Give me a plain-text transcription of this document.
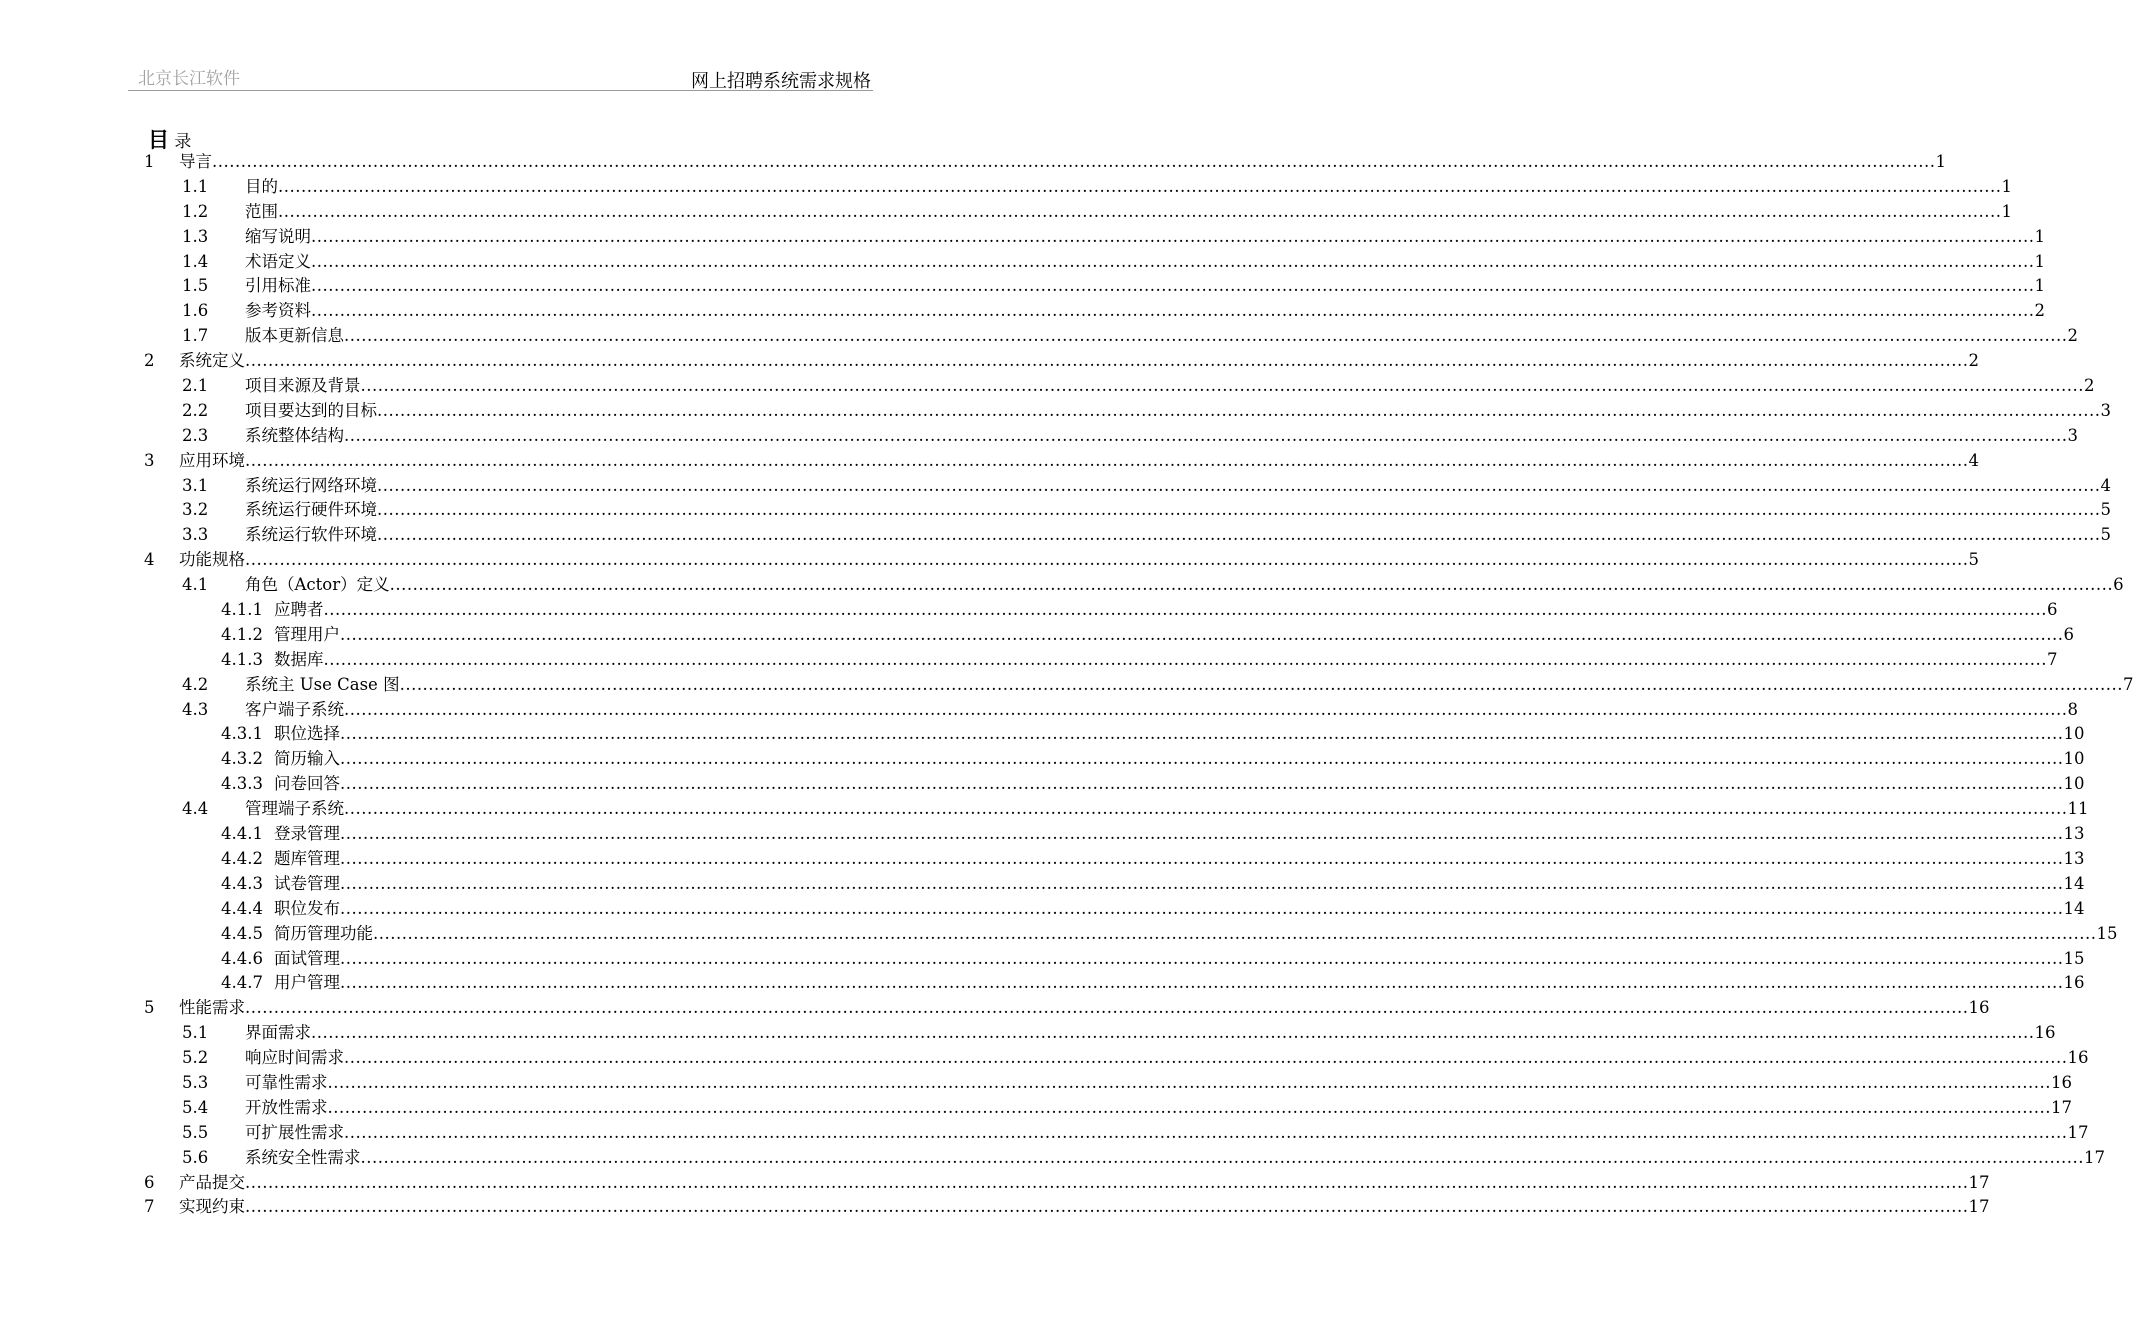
北京长江软件	网上招聘系统需求规格
目 录
1 导言 ............................................................................................................................................................................................................................................................................................................ 1
1.1 目的 ............................................................................................................................................................................................................................................................................................................ 1
1.2 范围 ............................................................................................................................................................................................................................................................................................................ 1
1.3 缩写说明 ............................................................................................................................................................................................................................................................................................................ 1
1.4 术语定义 ............................................................................................................................................................................................................................................................................................................ 1
1.5 引用标准 ............................................................................................................................................................................................................................................................................................................ 1
1.6 参考资料 ............................................................................................................................................................................................................................................................................................................ 2
1.7 版本更新信息 ............................................................................................................................................................................................................................................................................................................ 2
2 系统定义 ............................................................................................................................................................................................................................................................................................................ 2
2.1 项目来源及背景 ............................................................................................................................................................................................................................................................................................................ 2
2.2 项目要达到的目标 ............................................................................................................................................................................................................................................................................................................ 3
2.3 系统整体结构 ............................................................................................................................................................................................................................................................................................................ 3
3 应用环境 ............................................................................................................................................................................................................................................................................................................ 4
3.1 系统运行网络环境 ............................................................................................................................................................................................................................................................................................................ 4
3.2 系统运行硬件环境 ............................................................................................................................................................................................................................................................................................................ 5
3.3 系统运行软件环境 ............................................................................................................................................................................................................................................................................................................ 5
4 功能规格 ............................................................................................................................................................................................................................................................................................................ 5
4.1 角色（Actor）定义 ............................................................................................................................................................................................................................................................................................................ 6
4.1.1 应聘者 ............................................................................................................................................................................................................................................................................................................ 6
4.1.2 管理用户 ............................................................................................................................................................................................................................................................................................................ 6
4.1.3 数据库 ............................................................................................................................................................................................................................................................................................................ 7
4.2 系统主 Use Case 图 ............................................................................................................................................................................................................................................................................................................ 7
4.3 客户端子系统 ............................................................................................................................................................................................................................................................................................................ 8
4.3.1 职位选择 ............................................................................................................................................................................................................................................................................................................ 10
4.3.2 简历输入 ............................................................................................................................................................................................................................................................................................................ 10
4.3.3 问卷回答 ............................................................................................................................................................................................................................................................................................................ 10
4.4 管理端子系统 ............................................................................................................................................................................................................................................................................................................ 11
4.4.1 登录管理 ............................................................................................................................................................................................................................................................................................................ 13
4.4.2 题库管理 ............................................................................................................................................................................................................................................................................................................ 13
4.4.3 试卷管理 ............................................................................................................................................................................................................................................................................................................ 14
4.4.4 职位发布 ............................................................................................................................................................................................................................................................................................................ 14
4.4.5 简历管理功能 ............................................................................................................................................................................................................................................................................................................ 15
4.4.6 面试管理 ............................................................................................................................................................................................................................................................................................................ 15
4.4.7 用户管理 ............................................................................................................................................................................................................................................................................................................ 16
5 性能需求 ............................................................................................................................................................................................................................................................................................................ 16
5.1 界面需求 ............................................................................................................................................................................................................................................................................................................ 16
5.2 响应时间需求 ............................................................................................................................................................................................................................................................................................................ 16
5.3 可靠性需求 ............................................................................................................................................................................................................................................................................................................ 16
5.4 开放性需求 ............................................................................................................................................................................................................................................................................................................ 17
5.5 可扩展性需求 ............................................................................................................................................................................................................................................................................................................ 17
5.6 系统安全性需求 ............................................................................................................................................................................................................................................................................................................ 17
6 产品提交 ............................................................................................................................................................................................................................................................................................................ 17
7 实现约束 ............................................................................................................................................................................................................................................................................................................ 17
